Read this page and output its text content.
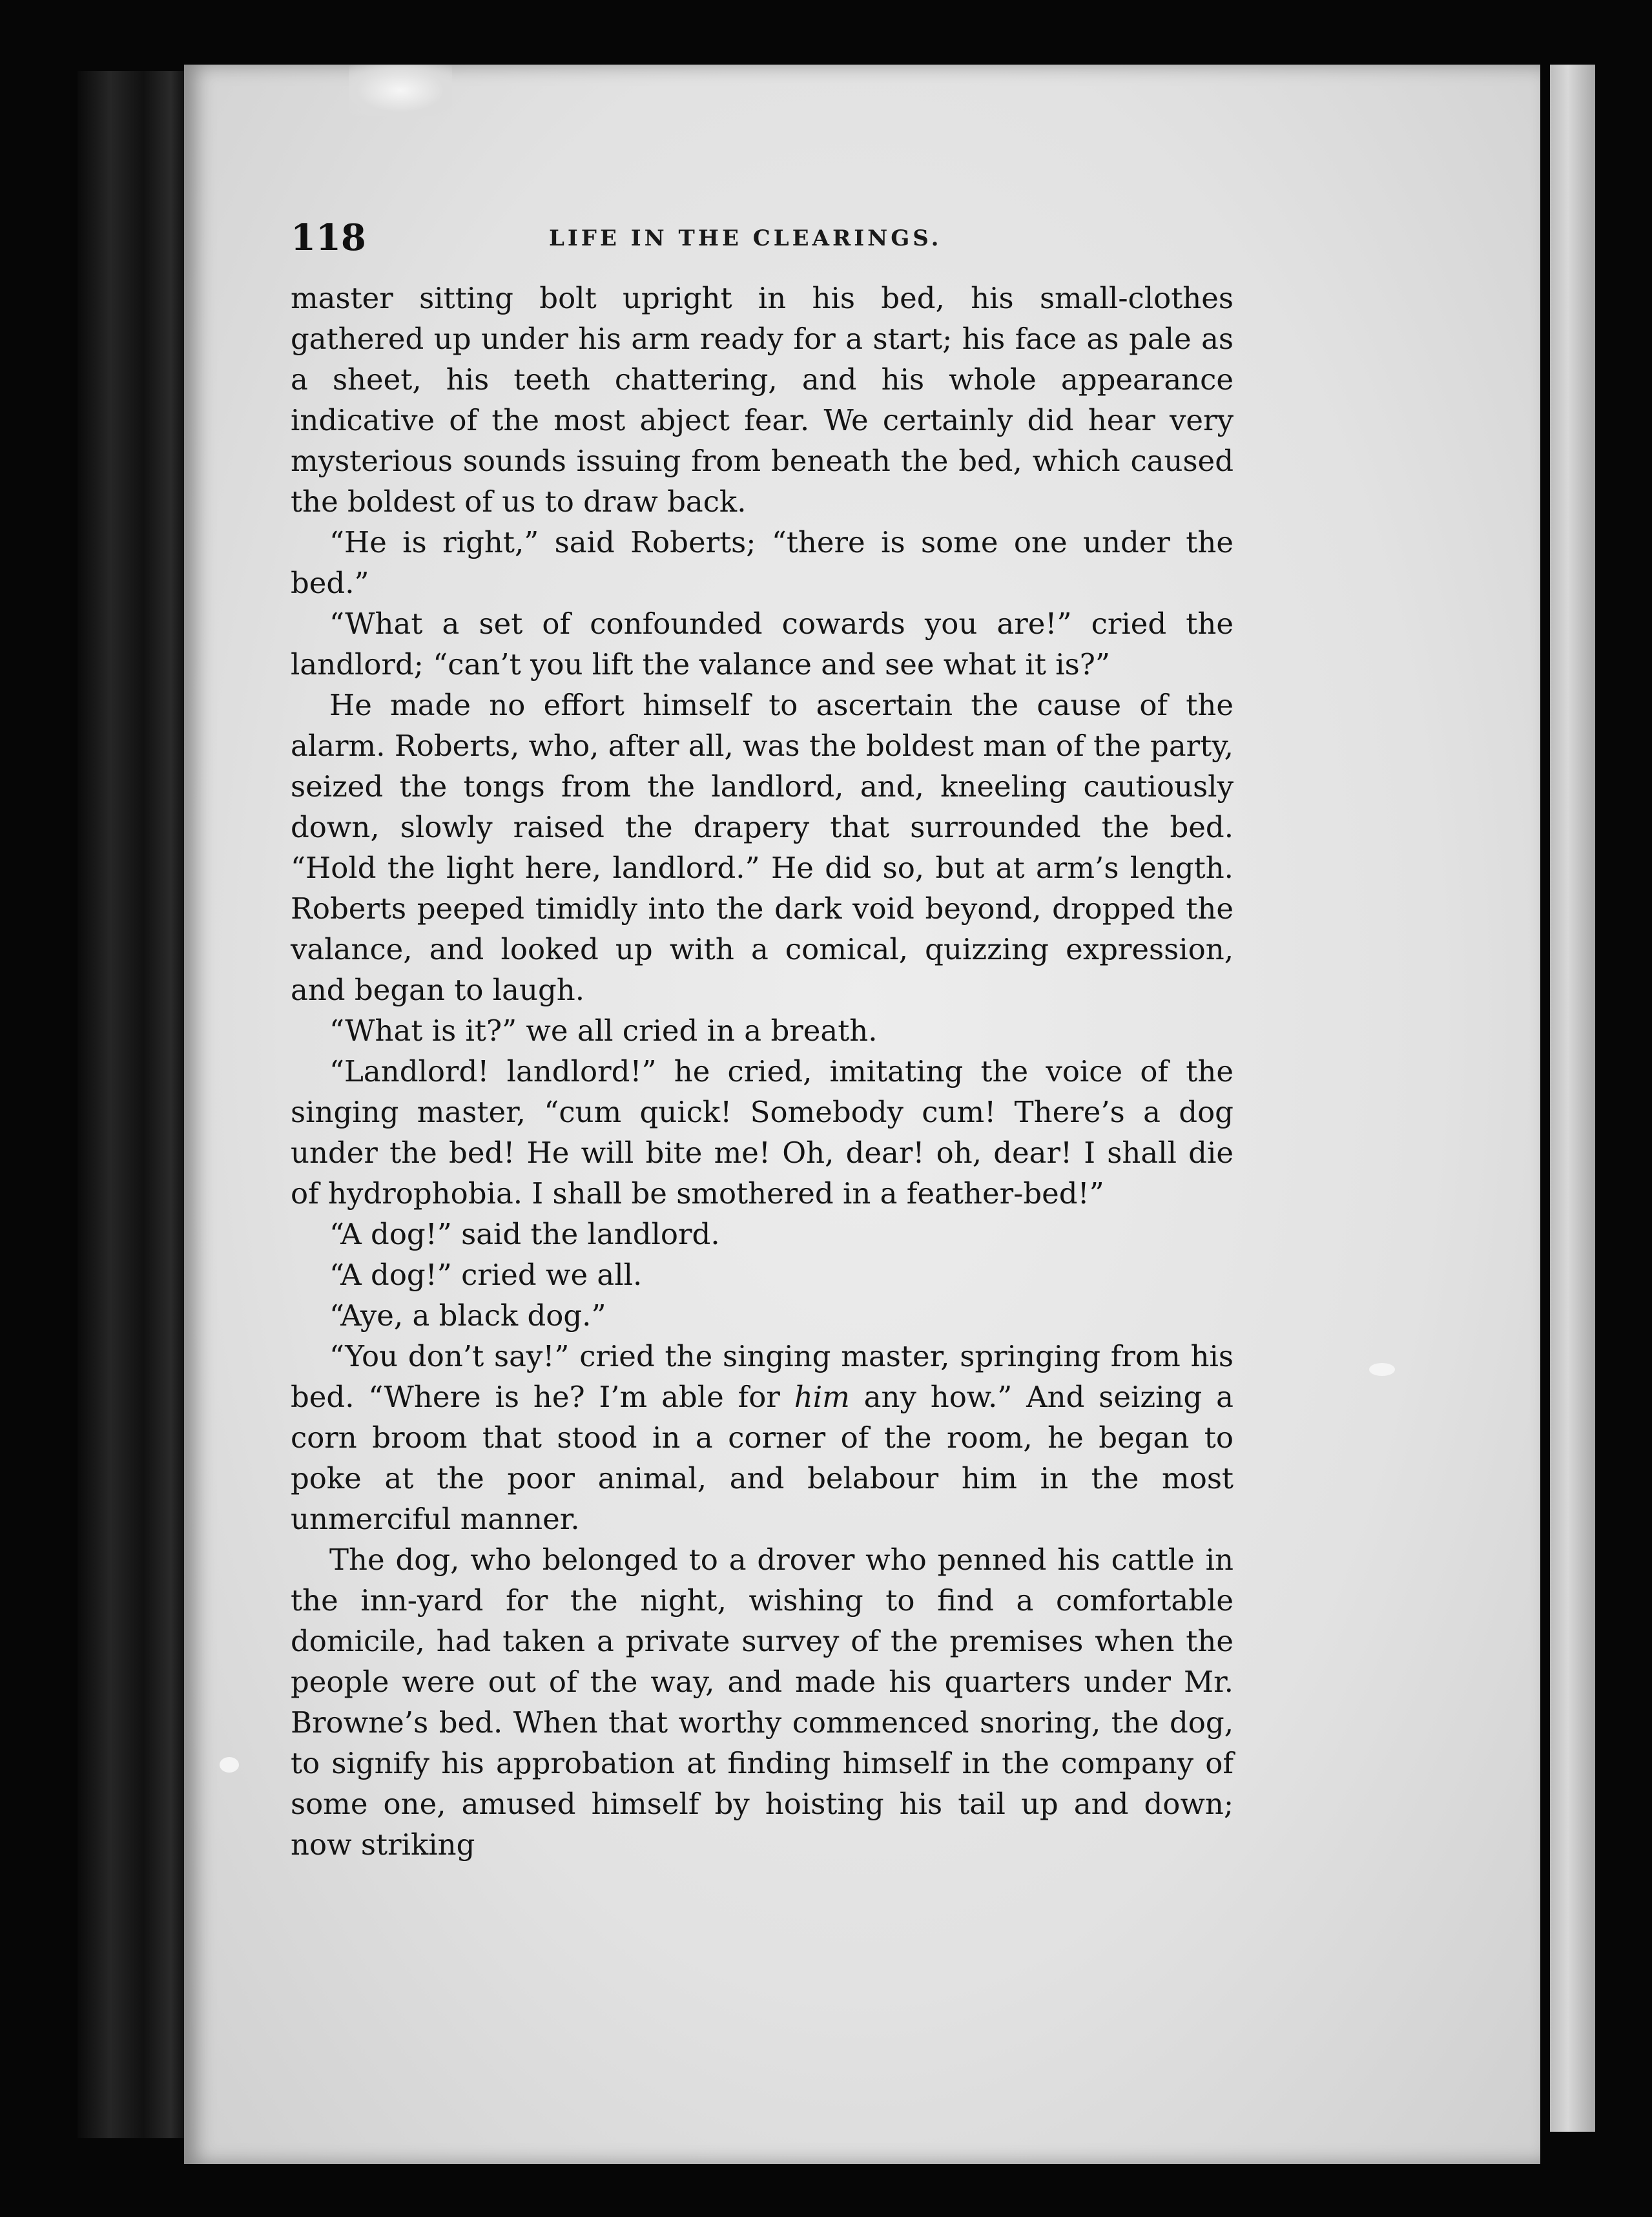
118	LIFE IN THE CLEARINGS.

master sitting bolt upright in his bed, his small-clothes gathered up under his arm ready for a start; his face as pale as a sheet, his teeth chattering, and his whole appearance indicative of the most abject fear. We certainly did hear very mysterious sounds issuing from beneath the bed, which caused the boldest of us to draw back.

“He is right,” said Roberts; “there is some one under the bed.”

“What a set of confounded cowards you are!” cried the landlord; “can’t you lift the valance and see what it is?”

He made no effort himself to ascertain the cause of the alarm. Roberts, who, after all, was the boldest man of the party, seized the tongs from the landlord, and, kneeling cautiously down, slowly raised the drapery that surrounded the bed. “Hold the light here, landlord.” He did so, but at arm’s length. Roberts peeped timidly into the dark void beyond, dropped the valance, and looked up with a comical, quizzing expression, and began to laugh.

“What is it?” we all cried in a breath.

“Landlord! landlord!” he cried, imitating the voice of the singing master, “cum quick! Somebody cum! There’s a dog under the bed! He will bite me! Oh, dear! oh, dear! I shall die of hydrophobia. I shall be smothered in a feather-bed!”

“A dog!” said the landlord.

“A dog!” cried we all.

“Aye, a black dog.”

“You don’t say!” cried the singing master, springing from his bed. “Where is he? I’m able for him any how.” And seizing a corn broom that stood in a corner of the room, he began to poke at the poor animal, and belabour him in the most unmerciful manner.

The dog, who belonged to a drover who penned his cattle in the inn-yard for the night, wishing to find a comfortable domicile, had taken a private survey of the premises when the people were out of the way, and made his quarters under Mr. Browne’s bed. When that worthy commenced snoring, the dog, to signify his approbation at finding himself in the company of some one, amused himself by hoisting his tail up and down; now striking
